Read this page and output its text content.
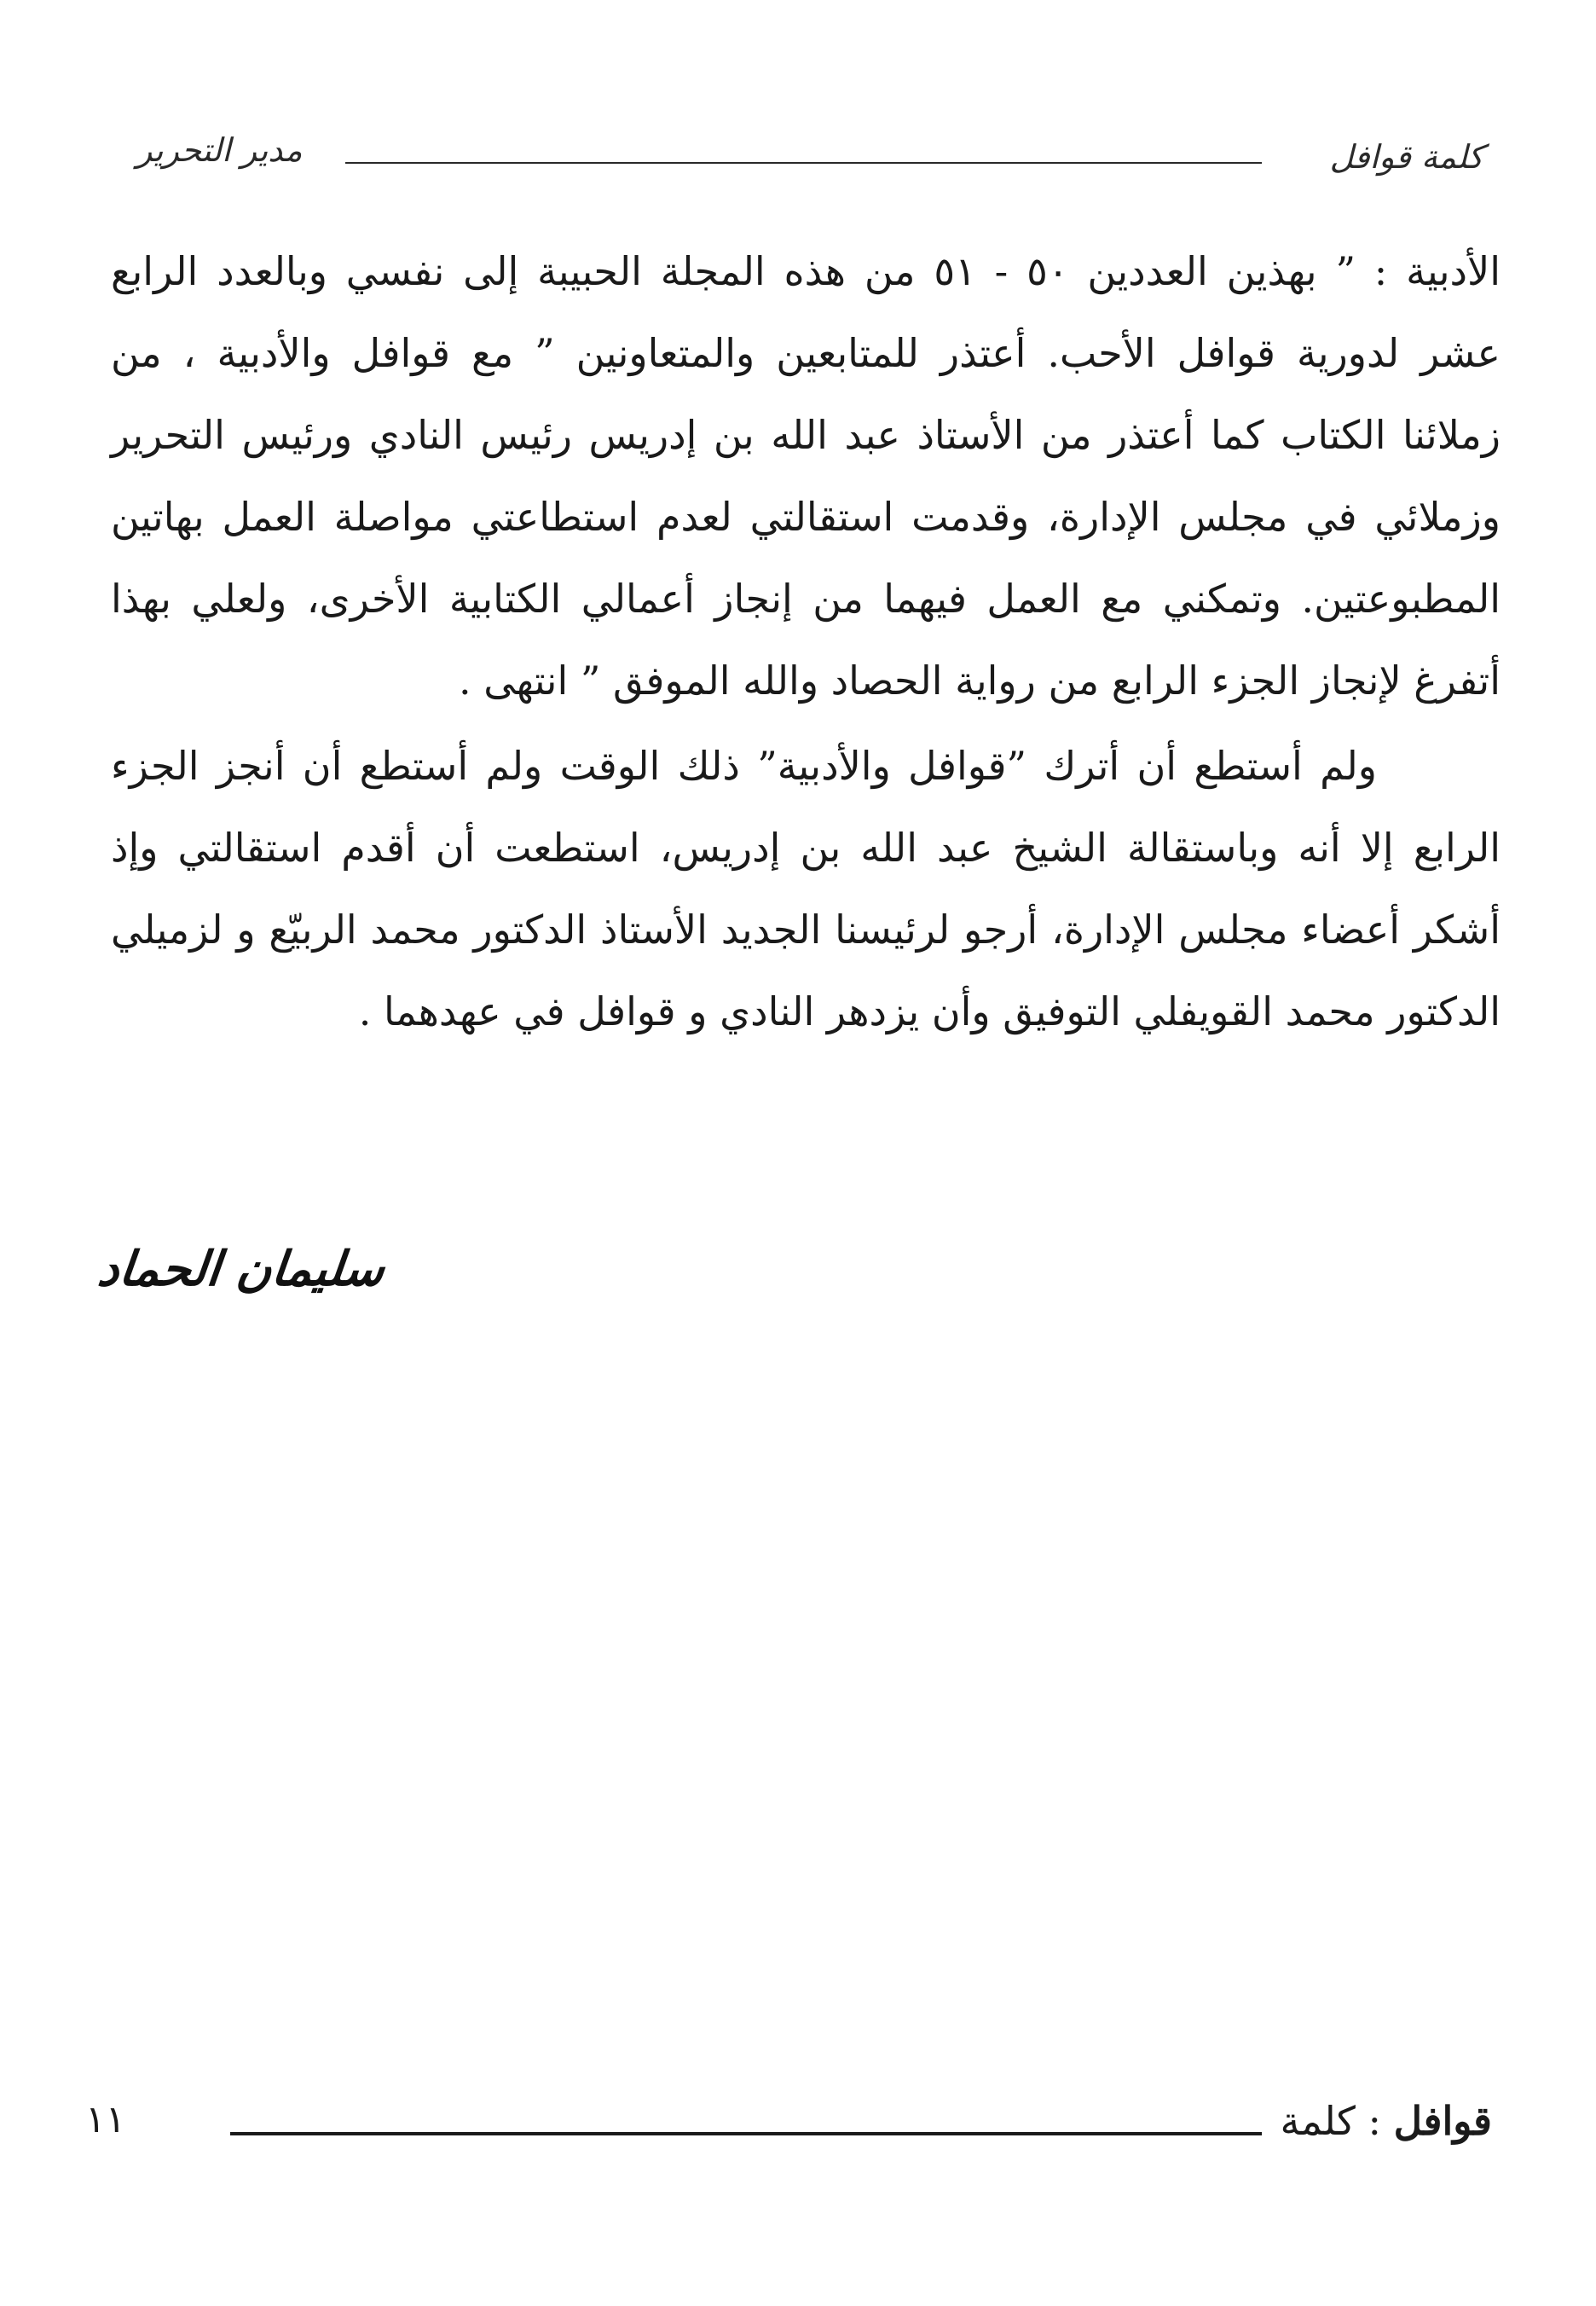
كلمة قوافل
مدير التحرير

الأدبية : ” بهذين العددين ٥٠ - ٥١ من هذه المجلة الحبيبة إلى نفسي وبالعدد الرابع عشر لدورية قوافل الأحب. أعتذر للمتابعين والمتعاونين ” مع قوافل والأدبية ، من زملائنا الكتاب كما أعتذر من الأستاذ عبد الله بن إدريس رئيس النادي ورئيس التحرير وزملائي في مجلس الإدارة، وقدمت استقالتي لعدم استطاعتي مواصلة العمل بهاتين المطبوعتين. وتمكني مع العمل فيهما من إنجاز أعمالي الكتابية الأخرى، ولعلي بهذا أتفرغ لإنجاز الجزء الرابع من رواية الحصاد والله الموفق ” انتهى .

ولم أستطع أن أترك ”قوافل والأدبية” ذلك الوقت ولم أستطع أن أنجز الجزء الرابع إلا أنه وباستقالة الشيخ عبد الله بن إدريس، استطعت أن أقدم استقالتي وإذ أشكر أعضاء مجلس الإدارة، أرجو لرئيسنا الجديد الأستاذ الدكتور محمد الربيّع و لزميلي الدكتور محمد القويفلي التوفيق وأن يزدهر النادي و قوافل في عهدهما .

سليمان الحماد
قوافل : كلمة
١١
